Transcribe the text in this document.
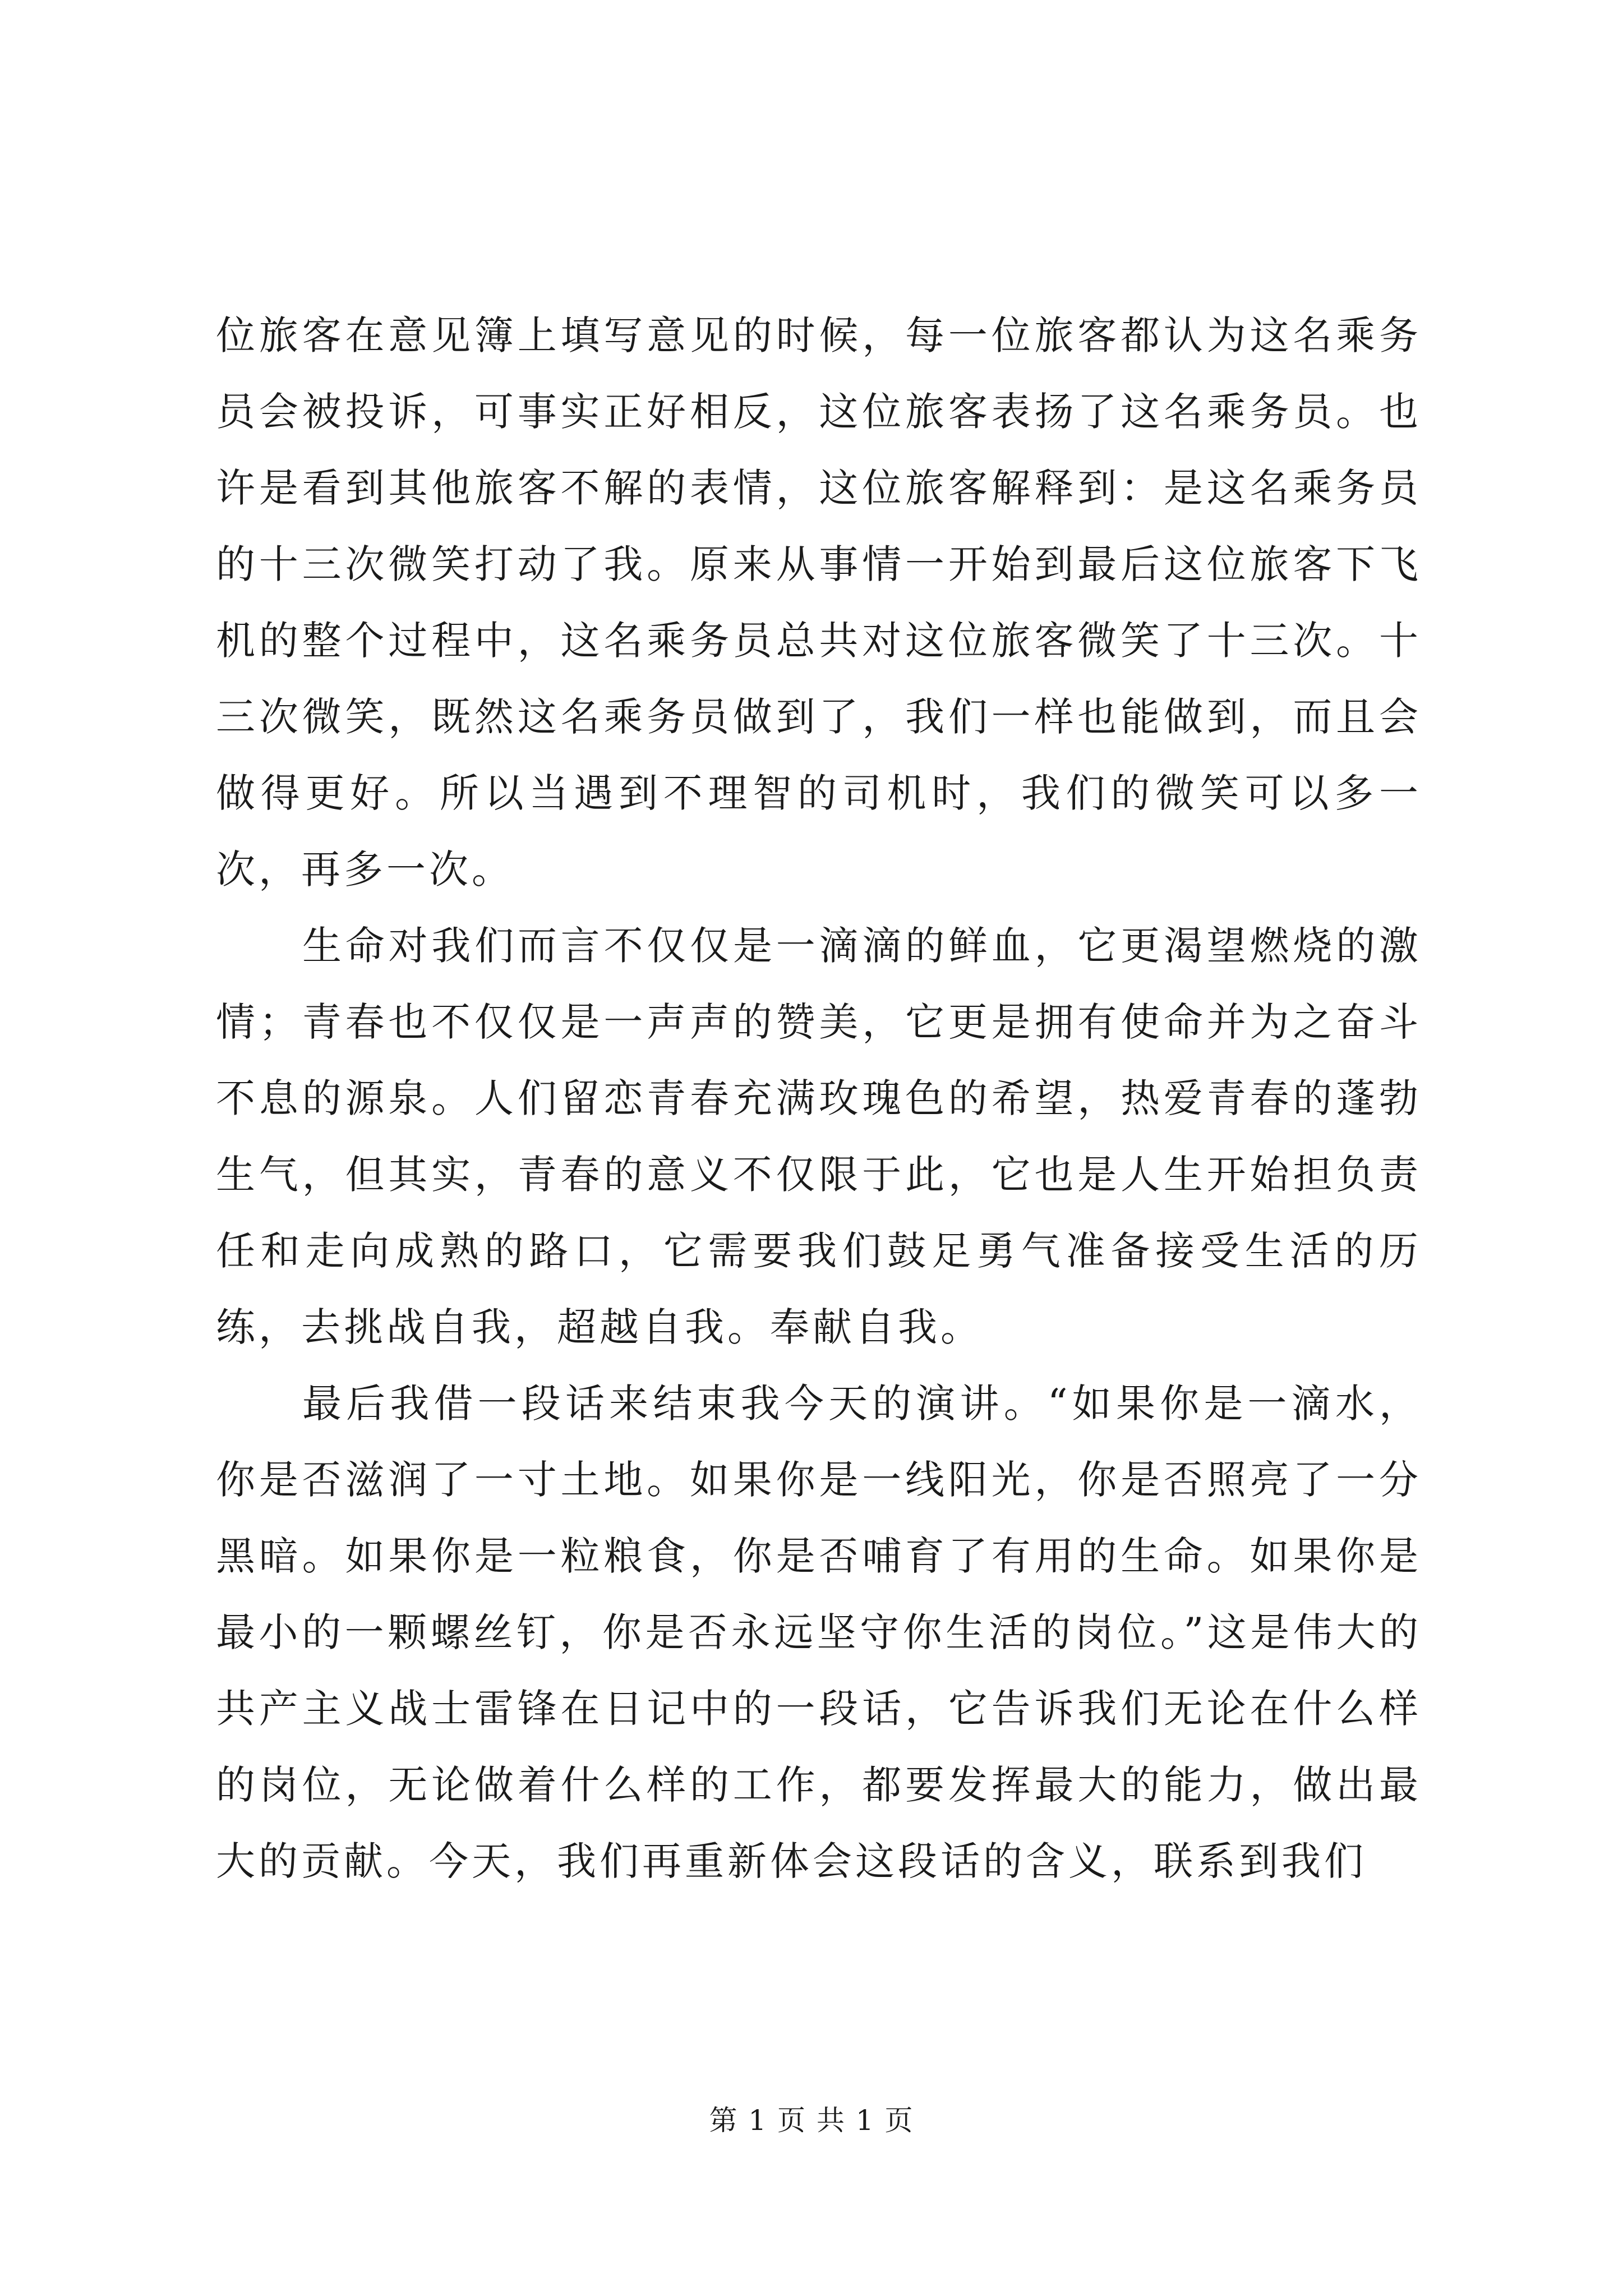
位旅客在意见簿上填写意见的时候，每一位旅客都认为这名乘务员会被投诉，可事实正好相反，这位旅客表扬了这名乘务员。也许是看到其他旅客不解的表情，这位旅客解释到：是这名乘务员的十三次微笑打动了我。原来从事情一开始到最后这位旅客下飞机的整个过程中，这名乘务员总共对这位旅客微笑了十三次。十三次微笑，既然这名乘务员做到了，我们一样也能做到，而且会做得更好。所以当遇到不理智的司机时，我们的微笑可以多一次，再多一次。

生命对我们而言不仅仅是一滴滴的鲜血，它更渴望燃烧的激情；青春也不仅仅是一声声的赞美，它更是拥有使命并为之奋斗不息的源泉。人们留恋青春充满玫瑰色的希望，热爱青春的蓬勃生气，但其实，青春的意义不仅限于此，它也是人生开始担负责任和走向成熟的路口，它需要我们鼓足勇气准备接受生活的历练，去挑战自我，超越自我。奉献自我。

最后我借一段话来结束我今天的演讲。“如果你是一滴水，你是否滋润了一寸土地。如果你是一线阳光，你是否照亮了一分黑暗。如果你是一粒粮食，你是否哺育了有用的生命。如果你是最小的一颗螺丝钉，你是否永远坚守你生活的岗位。”这是伟大的共产主义战士雷锋在日记中的一段话，它告诉我们无论在什么样的岗位，无论做着什么样的工作，都要发挥最大的能力，做出最大的贡献。今天，我们再重新体会这段话的含义，联系到我们

第 1 页 共 1 页
